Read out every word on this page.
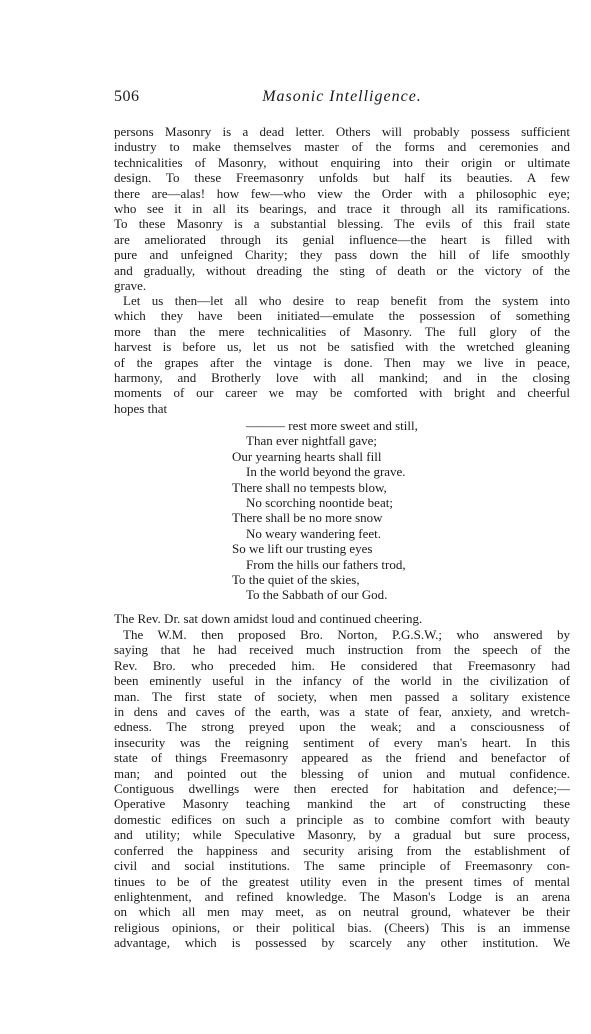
506	Masonic Intelligence.
persons Masonry is a dead letter. Others will probably possess sufficient
industry to make themselves master of the forms and ceremonies and
technicalities of Masonry, without enquiring into their origin or ultimate
design. To these Freemasonry unfolds but half its beauties. A few
there are—alas! how few—who view the Order with a philosophic eye;
who see it in all its bearings, and trace it through all its ramifications.
To these Masonry is a substantial blessing. The evils of this frail state
are ameliorated through its genial influence—the heart is filled with
pure and unfeigned Charity; they pass down the hill of life smoothly
and gradually, without dreading the sting of death or the victory of the
grave.
Let us then—let all who desire to reap benefit from the system into
which they have been initiated—emulate the possession of something
more than the mere technicalities of Masonry. The full glory of the
harvest is before us, let us not be satisfied with the wretched gleaning
of the grapes after the vintage is done. Then may we live in peace,
harmony, and Brotherly love with all mankind; and in the closing
moments of our career we may be comforted with bright and cheerful
hopes that
——— rest more sweet and still,
Than ever nightfall gave;
Our yearning hearts shall fill
In the world beyond the grave.
There shall no tempests blow,
No scorching noontide beat;
There shall be no more snow
No weary wandering feet.
So we lift our trusting eyes
From the hills our fathers trod,
To the quiet of the skies,
To the Sabbath of our God.
The Rev. Dr. sat down amidst loud and continued cheering.
The W.M. then proposed Bro. Norton, P.G.S.W.; who answered by
saying that he had received much instruction from the speech of the
Rev. Bro. who preceded him. He considered that Freemasonry had
been eminently useful in the infancy of the world in the civilization of
man. The first state of society, when men passed a solitary existence
in dens and caves of the earth, was a state of fear, anxiety, and wretch-
edness. The strong preyed upon the weak; and a consciousness of
insecurity was the reigning sentiment of every man's heart. In this
state of things Freemasonry appeared as the friend and benefactor of
man; and pointed out the blessing of union and mutual confidence.
Contiguous dwellings were then erected for habitation and defence;—
Operative Masonry teaching mankind the art of constructing these
domestic edifices on such a principle as to combine comfort with beauty
and utility; while Speculative Masonry, by a gradual but sure process,
conferred the happiness and security arising from the establishment of
civil and social institutions. The same principle of Freemasonry con-
tinues to be of the greatest utility even in the present times of mental
enlightenment, and refined knowledge. The Mason's Lodge is an arena
on which all men may meet, as on neutral ground, whatever be their
religious opinions, or their political bias. (Cheers) This is an immense
advantage, which is possessed by scarcely any other institution. We
